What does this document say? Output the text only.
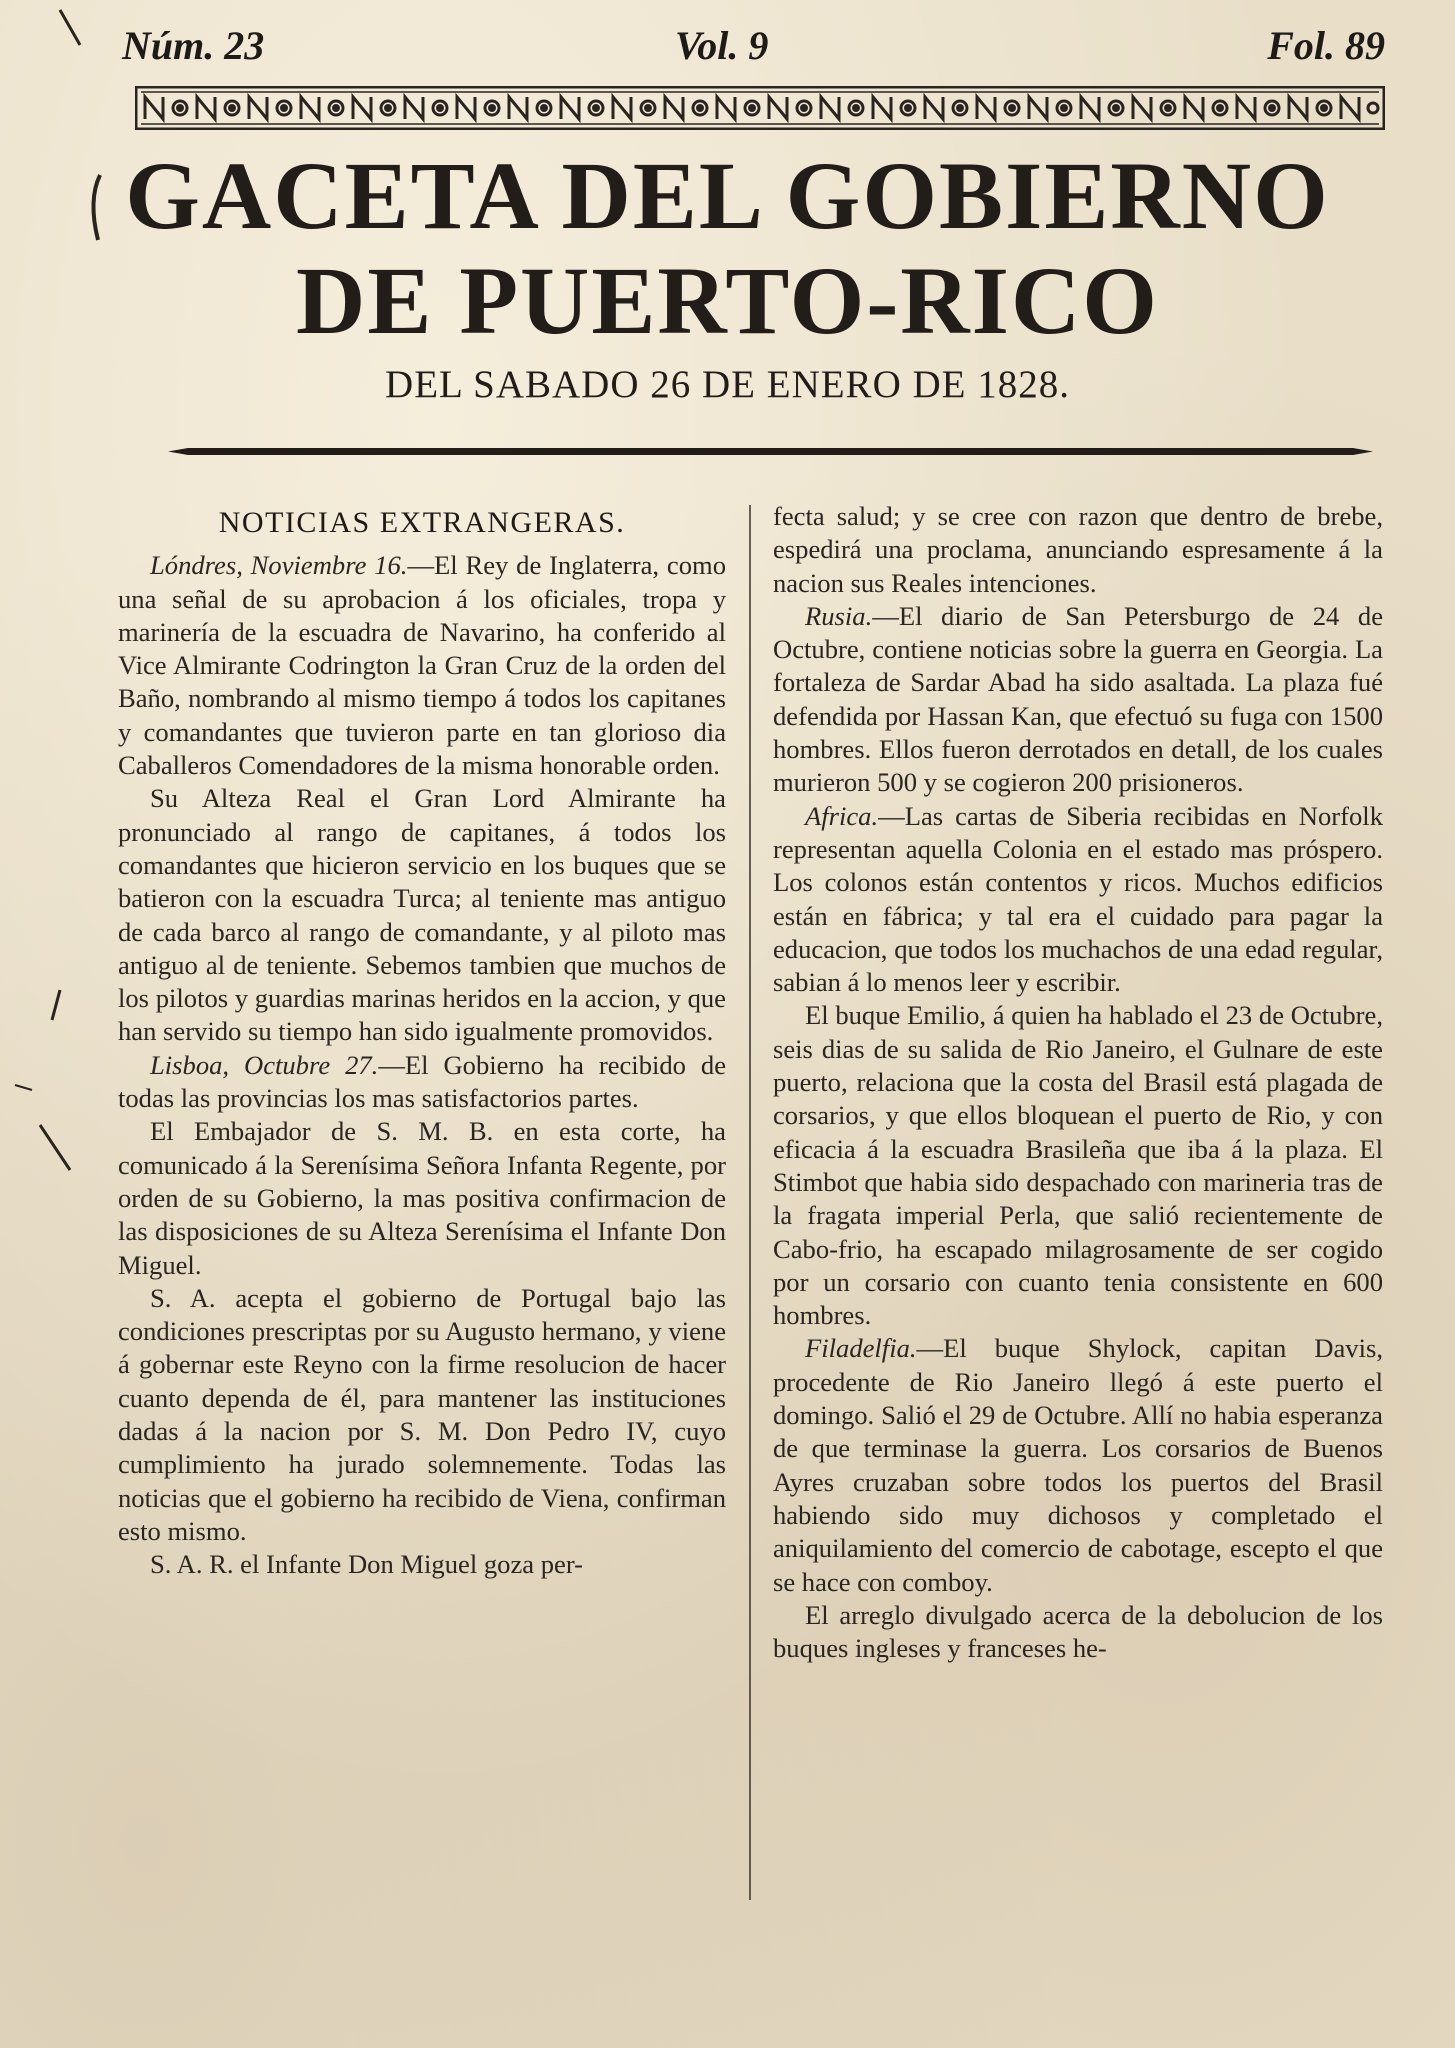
Núm. 23	Vol. 9	Fol. 89
GACETA DEL GOBIERNO
DE PUERTO-RICO
DEL SABADO 26 DE ENERO DE 1828.
NOTICIAS EXTRANGERAS.

Lóndres, Noviembre 16.—El Rey de Inglaterra, como una señal de su aprobacion á los oficiales, tropa y marinería de la escuadra de Navarino, ha conferido al Vice Almirante Codrington la Gran Cruz de la orden del Baño, nombrando al mismo tiempo á todos los capitanes y comandantes que tuvieron parte en tan glorioso dia Caballeros Comendadores de la misma honorable orden.

Su Alteza Real el Gran Lord Almirante ha pronunciado al rango de capitanes, á todos los comandantes que hicieron servicio en los buques que se batieron con la escuadra Turca; al teniente mas antiguo de cada barco al rango de comandante, y al piloto mas antiguo al de teniente. Sebemos tambien que muchos de los pilotos y guardias marinas heridos en la accion, y que han servido su tiempo han sido igualmente promovidos.

Lisboa, Octubre 27.—El Gobierno ha recibido de todas las provincias los mas satisfactorios partes.

El Embajador de S. M. B. en esta corte, ha comunicado á la Serenísima Señora Infanta Regente, por orden de su Gobierno, la mas positiva confirmacion de las disposiciones de su Alteza Serenísima el Infante Don Miguel.

S. A. acepta el gobierno de Portugal bajo las condiciones prescriptas por su Augusto hermano, y viene á gobernar este Reyno con la firme resolucion de hacer cuanto dependa de él, para mantener las instituciones dadas á la nacion por S. M. Don Pedro IV, cuyo cumplimiento ha jurado solemnemente. Todas las noticias que el gobierno ha recibido de Viena, confirman esto mismo.

S. A. R. el Infante Don Miguel goza per-

fecta salud; y se cree con razon que dentro de brebe, espedirá una proclama, anunciando espresamente á la nacion sus Reales intenciones.

Rusia.—El diario de San Petersburgo de 24 de Octubre, contiene noticias sobre la guerra en Georgia. La fortaleza de Sardar Abad ha sido asaltada. La plaza fué defendida por Hassan Kan, que efectuó su fuga con 1500 hombres. Ellos fueron derrotados en detall, de los cuales murieron 500 y se cogieron 200 prisioneros.

Africa.—Las cartas de Siberia recibidas en Norfolk representan aquella Colonia en el estado mas próspero. Los colonos están contentos y ricos. Muchos edificios están en fábrica; y tal era el cuidado para pagar la educacion, que todos los muchachos de una edad regular, sabian á lo menos leer y escribir.

El buque Emilio, á quien ha hablado el 23 de Octubre, seis dias de su salida de Rio Janeiro, el Gulnare de este puerto, relaciona que la costa del Brasil está plagada de corsarios, y que ellos bloquean el puerto de Rio, y con eficacia á la escuadra Brasileña que iba á la plaza. El Stimbot que habia sido despachado con marineria tras de la fragata imperial Perla, que salió recientemente de Cabo-frio, ha escapado milagrosamente de ser cogido por un corsario con cuanto tenia consistente en 600 hombres.

Filadelfia.—El buque Shylock, capitan Davis, procedente de Rio Janeiro llegó á este puerto el domingo. Salió el 29 de Octubre. Allí no habia esperanza de que terminase la guerra. Los corsarios de Buenos Ayres cruzaban sobre todos los puertos del Brasil habiendo sido muy dichosos y completado el aniquilamiento del comercio de cabotage, escepto el que se hace con comboy.

El arreglo divulgado acerca de la debolucion de los buques ingleses y franceses he-
